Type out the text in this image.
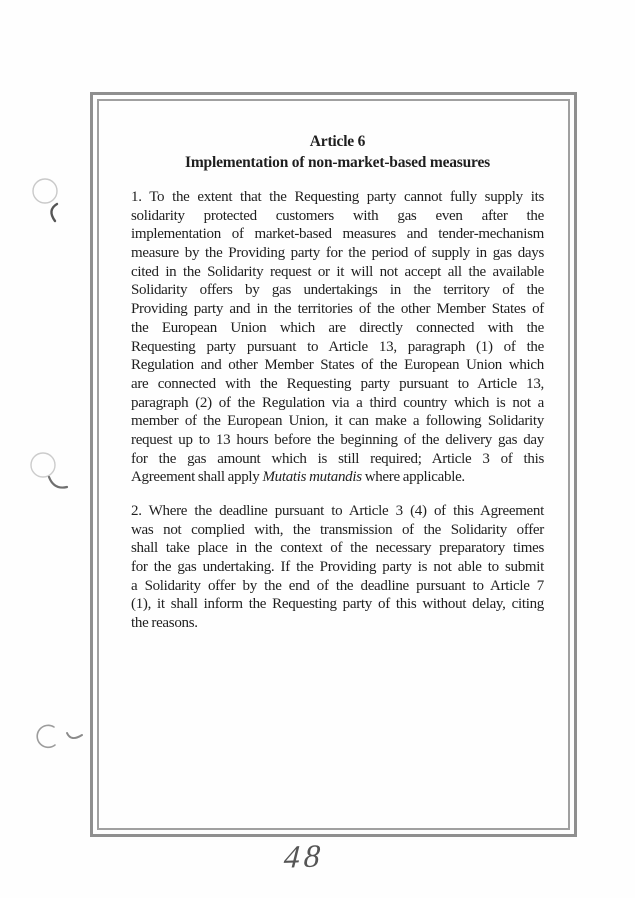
Article 6
Implementation of non-market-based measures
1. To the extent that the Requesting party cannot fully supply its
solidarity protected customers with gas even after the
implementation of market-based measures and tender-mechanism
measure by the Providing party for the period of supply in gas days
cited in the Solidarity request or it will not accept all the available
Solidarity offers by gas undertakings in the territory of the
Providing party and in the territories of the other Member States of
the European Union which are directly connected with the
Requesting party pursuant to Article 13, paragraph (1) of the
Regulation and other Member States of the European Union which
are connected with the Requesting party pursuant to Article 13,
paragraph (2) of the Regulation via a third country which is not a
member of the European Union, it can make a following Solidarity
request up to 13 hours before the beginning of the delivery gas day
for the gas amount which is still required; Article 3 of this
Agreement shall apply Mutatis mutandis where applicable.
2. Where the deadline pursuant to Article 3 (4) of this Agreement
was not complied with, the transmission of the Solidarity offer
shall take place in the context of the necessary preparatory times
for the gas undertaking. If the Providing party is not able to submit
a Solidarity offer by the end of the deadline pursuant to Article 7
(1), it shall inform the Requesting party of this without delay, citing
the reasons.
48
